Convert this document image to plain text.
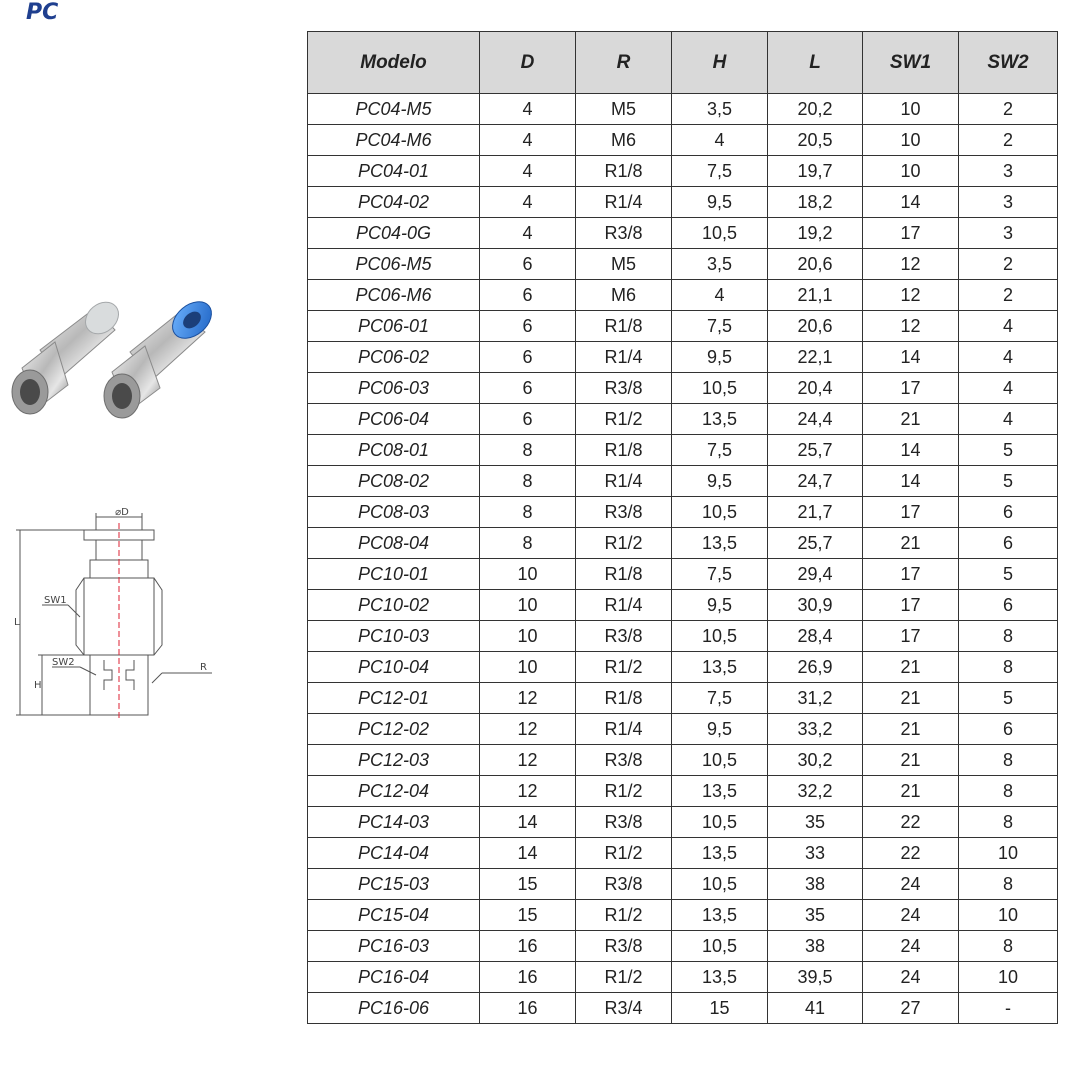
PC
⌀D
SW1
SW2	R
L
H
Modelo	D	R	H	L	SW1	SW2
PC04-M5	4	M5	3,5	20,2	10	2
PC04-M6	4	M6	4	20,5	10	2
PC04-01	4	R1/8	7,5	19,7	10	3
PC04-02	4	R1/4	9,5	18,2	14	3
PC04-0G	4	R3/8	10,5	19,2	17	3
PC06-M5	6	M5	3,5	20,6	12	2
PC06-M6	6	M6	4	21,1	12	2
PC06-01	6	R1/8	7,5	20,6	12	4
PC06-02	6	R1/4	9,5	22,1	14	4
PC06-03	6	R3/8	10,5	20,4	17	4
PC06-04	6	R1/2	13,5	24,4	21	4
PC08-01	8	R1/8	7,5	25,7	14	5
PC08-02	8	R1/4	9,5	24,7	14	5
PC08-03	8	R3/8	10,5	21,7	17	6
PC08-04	8	R1/2	13,5	25,7	21	6
PC10-01	10	R1/8	7,5	29,4	17	5
PC10-02	10	R1/4	9,5	30,9	17	6
PC10-03	10	R3/8	10,5	28,4	17	8
PC10-04	10	R1/2	13,5	26,9	21	8
PC12-01	12	R1/8	7,5	31,2	21	5
PC12-02	12	R1/4	9,5	33,2	21	6
PC12-03	12	R3/8	10,5	30,2	21	8
PC12-04	12	R1/2	13,5	32,2	21	8
PC14-03	14	R3/8	10,5	35	22	8
PC14-04	14	R1/2	13,5	33	22	10
PC15-03	15	R3/8	10,5	38	24	8
PC15-04	15	R1/2	13,5	35	24	10
PC16-03	16	R3/8	10,5	38	24	8
PC16-04	16	R1/2	13,5	39,5	24	10
PC16-06	16	R3/4	15	41	27	-
